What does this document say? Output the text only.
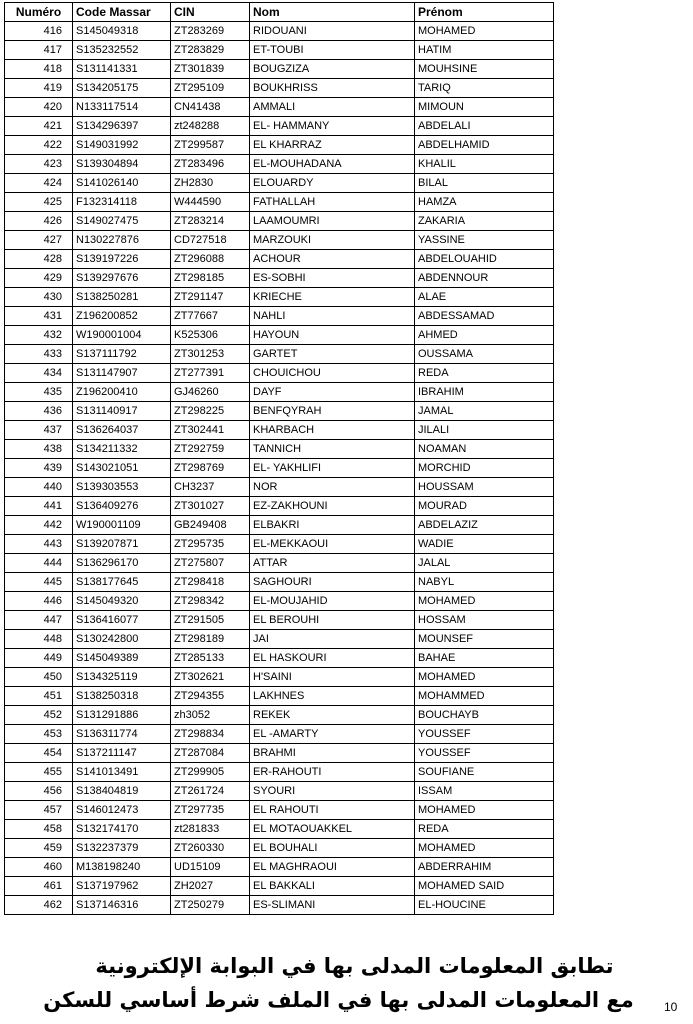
Numéro	Code Massar	CIN	Nom	Prénom
416	S145049318	ZT283269	RIDOUANI	MOHAMED
417	S135232552	ZT283829	ET-TOUBI	HATIM
418	S131141331	ZT301839	BOUGZIZA	MOUHSINE
419	S134205175	ZT295109	BOUKHRISS	TARIQ
420	N133117514	CN41438	AMMALI	MIMOUN
421	S134296397	zt248288	EL- HAMMANY	ABDELALI
422	S149031992	ZT299587	EL KHARRAZ	ABDELHAMID
423	S139304894	ZT283496	EL-MOUHADANA	KHALIL
424	S141026140	ZH2830	ELOUARDY	BILAL
425	F132314118	W444590	FATHALLAH	HAMZA
426	S149027475	ZT283214	LAAMOUMRI	ZAKARIA
427	N130227876	CD727518	MARZOUKI	YASSINE
428	S139197226	ZT296088	ACHOUR	ABDELOUAHID
429	S139297676	ZT298185	ES-SOBHI	ABDENNOUR
430	S138250281	ZT291147	KRIECHE	ALAE
431	Z196200852	ZT77667	NAHLI	ABDESSAMAD
432	W190001004	K525306	HAYOUN	AHMED
433	S137111792	ZT301253	GARTET	OUSSAMA
434	S131147907	ZT277391	CHOUICHOU	REDA
435	Z196200410	GJ46260	DAYF	IBRAHIM
436	S131140917	ZT298225	BENFQYRAH	JAMAL
437	S136264037	ZT302441	KHARBACH	JILALI
438	S134211332	ZT292759	TANNICH	NOAMAN
439	S143021051	ZT298769	EL- YAKHLIFI	MORCHID
440	S139303553	CH3237	NOR	HOUSSAM
441	S136409276	ZT301027	EZ-ZAKHOUNI	MOURAD
442	W190001109	GB249408	ELBAKRI	ABDELAZIZ
443	S139207871	ZT295735	EL-MEKKAOUI	WADIE
444	S136296170	ZT275807	ATTAR	JALAL
445	S138177645	ZT298418	SAGHOURI	NABYL
446	S145049320	ZT298342	EL-MOUJAHID	MOHAMED
447	S136416077	ZT291505	EL BEROUHI	HOSSAM
448	S130242800	ZT298189	JAI	MOUNSEF
449	S145049389	ZT285133	EL HASKOURI	BAHAE
450	S134325119	ZT302621	H'SAINI	MOHAMED
451	S138250318	ZT294355	LAKHNES	MOHAMMED
452	S131291886	zh3052	REKEK	BOUCHAYB
453	S136311774	ZT298834	EL -AMARTY	YOUSSEF
454	S137211147	ZT287084	BRAHMI	YOUSSEF
455	S141013491	ZT299905	ER-RAHOUTI	SOUFIANE
456	S138404819	ZT261724	SYOURI	ISSAM
457	S146012473	ZT297735	EL RAHOUTI	MOHAMED
458	S132174170	zt281833	EL MOTAOUAKKEL	REDA
459	S132237379	ZT260330	EL BOUHALI	MOHAMED
460	M138198240	UD15109	EL MAGHRAOUI	ABDERRAHIM
461	S137197962	ZH2027	EL BAKKALI	MOHAMED SAID
462	S137146316	ZT250279	ES-SLIMANI	EL-HOUCINE
تطابق المعلومات المدلى بها في البوابة الإلكترونية
مع المعلومات المدلى بها في الملف شرط أساسي للسكن	10
